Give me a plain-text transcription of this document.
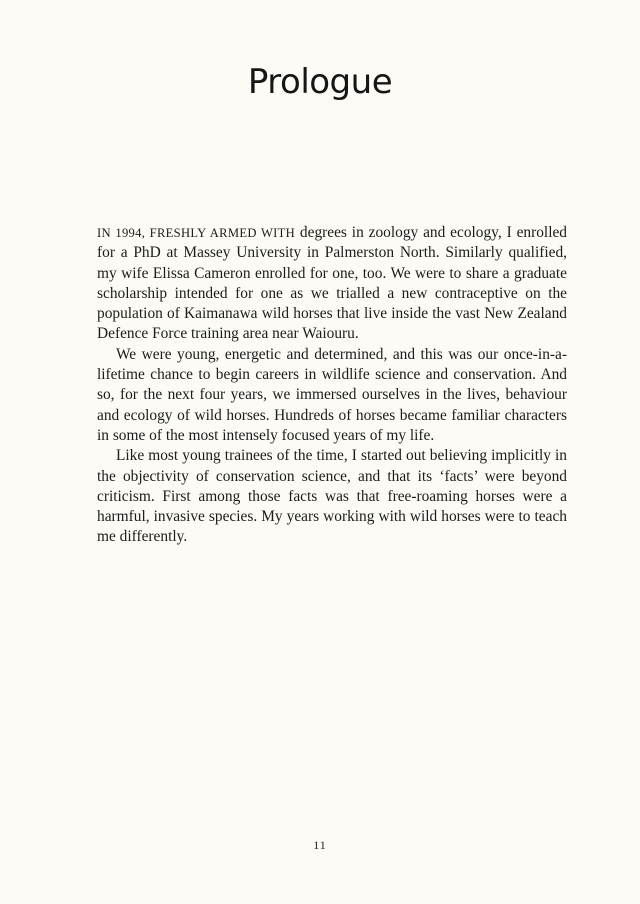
Prologue

IN 1994, FRESHLY ARMED WITH degrees in zoology and ecology, I enrolled for a PhD at Massey University in Palmerston North. Similarly qualified, my wife Elissa Cameron enrolled for one, too. We were to share a graduate scholarship intended for one as we trialled a new contraceptive on the population of Kaimanawa wild horses that live inside the vast New Zealand Defence Force training area near Waiouru.

We were young, energetic and determined, and this was our once-in-a-lifetime chance to begin careers in wildlife science and conservation. And so, for the next four years, we immersed ourselves in the lives, behaviour and ecology of wild horses. Hundreds of horses became familiar characters in some of the most intensely focused years of my life.

Like most young trainees of the time, I started out believing implicitly in the objectivity of conservation science, and that its ‘facts’ were beyond criticism. First among those facts was that free-roaming horses were a harmful, invasive species. My years working with wild horses were to teach me differently.

11
